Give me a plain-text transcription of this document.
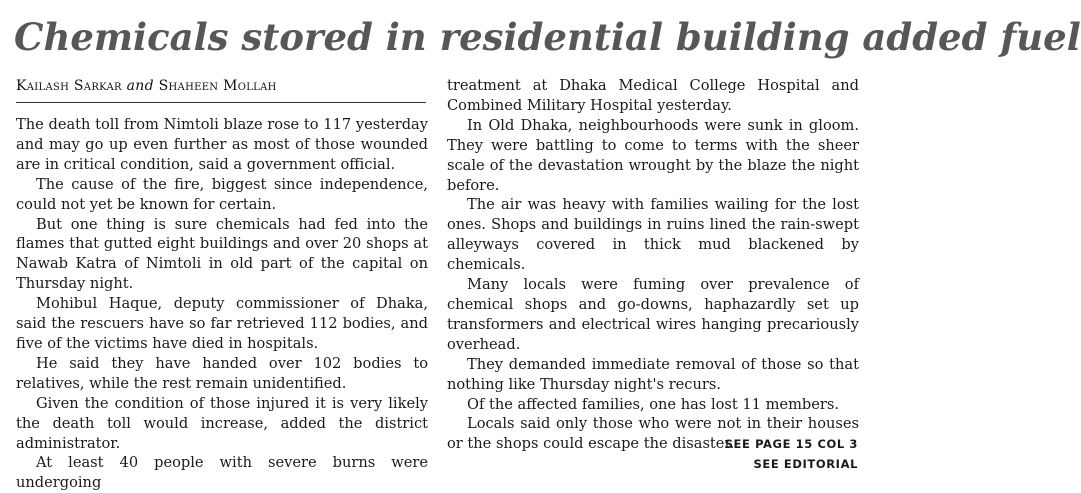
Chemicals stored in residential building added fuel
Kailash Sarkar and Shaheen Mollah

The death toll from Nimtoli blaze rose to 117 yesterday and may go up even further as most of those wounded are in critical condition, said a government official.

The cause of the fire, biggest since independence, could not yet be known for certain.

But one thing is sure chemicals had fed into the flames that gutted eight buildings and over 20 shops at Nawab Katra of Nimtoli in old part of the capital on Thursday night.

Mohibul Haque, deputy commissioner of Dhaka, said the rescuers have so far retrieved 112 bodies, and five of the victims have died in hospitals.

He said they have handed over 102 bodies to relatives, while the rest remain unidentified.

Given the condition of those injured it is very likely the death toll would increase, added the district administrator.

At least 40 people with severe burns were undergoing

treatment at Dhaka Medical College Hospital and Combined Military Hospital yesterday.

In Old Dhaka, neighbourhoods were sunk in gloom. They were battling to come to terms with the sheer scale of the devastation wrought by the blaze the night before.

The air was heavy with families wailing for the lost ones. Shops and buildings in ruins lined the rain-swept alleyways covered in thick mud blackened by chemicals.

Many locals were fuming over prevalence of chemical shops and go-downs, haphazardly set up transformers and electrical wires hanging precariously overhead.

They demanded immediate removal of those so that nothing like Thursday night's recurs.

Of the affected families, one has lost 11 members.

Locals said only those who were not in their houses or the shops could escape the disaster.

SEE PAGE 15 COL 3
SEE EDITORIAL
